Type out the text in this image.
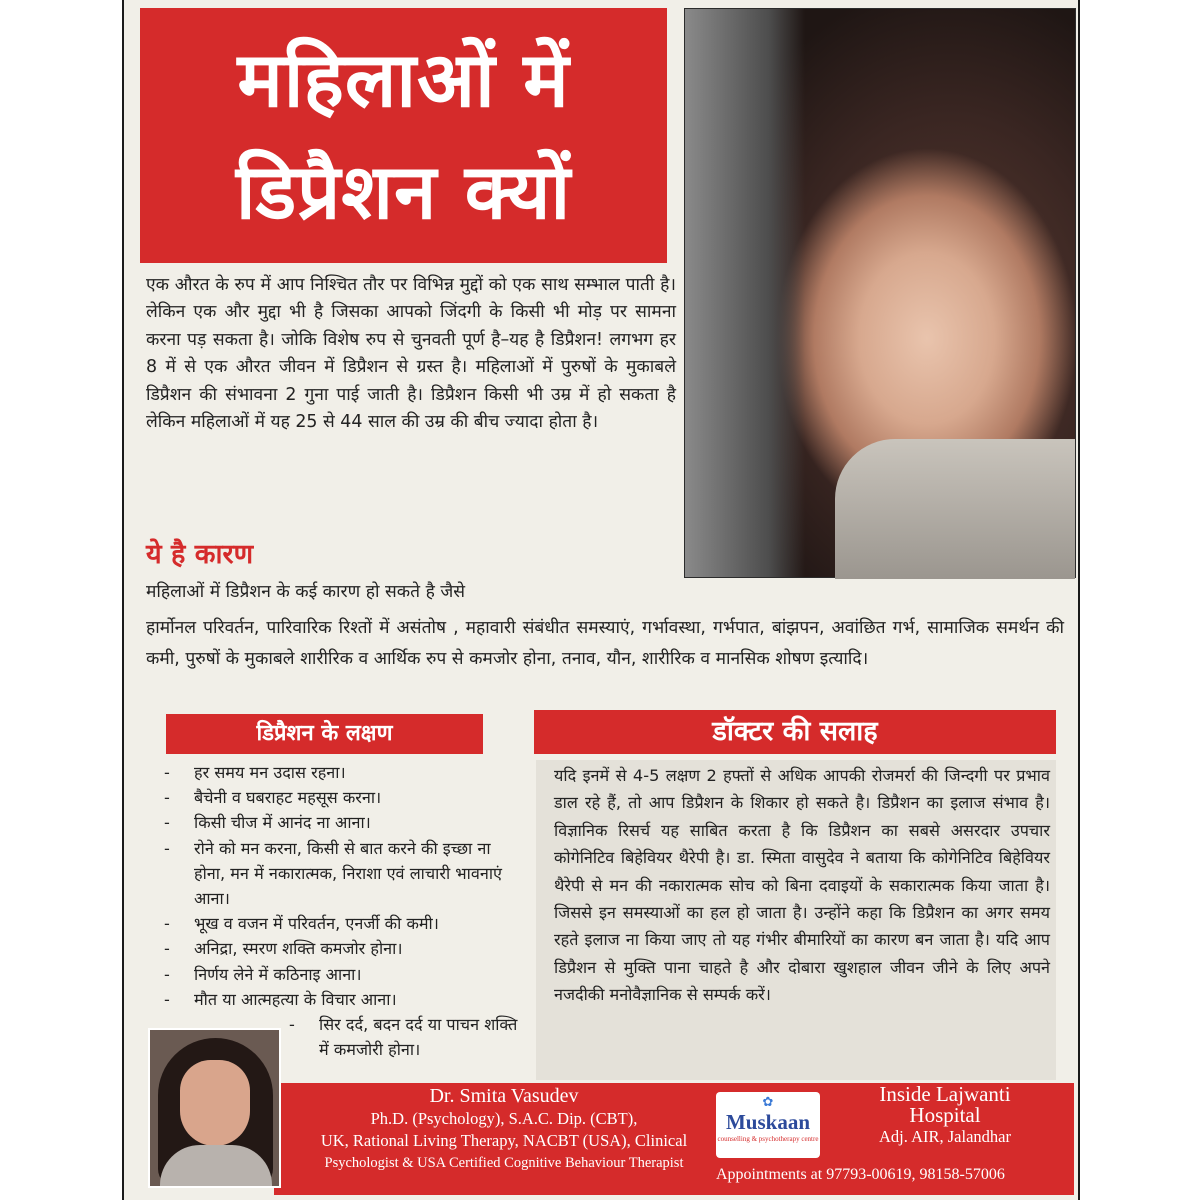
महिलाओं में
डिप्रैशन क्यों
एक औरत के रुप में आप निश्चित तौर पर विभिन्न मुद्दों को एक साथ सम्भाल पाती है। लेकिन एक और मुद्दा भी है जिसका आपको जिंदगी के किसी भी मोड़ पर सामना करना पड़ सकता है। जोकि विशेष रुप से चुनवती पूर्ण है–यह है डिप्रैशन! लगभग हर 8 में से एक औरत जीवन में डिप्रैशन से ग्रस्त है। महिलाओं में पुरुषों के मुकाबले डिप्रैशन की संभावना 2 गुना पाई जाती है। डिप्रैशन किसी भी उम्र में हो सकता है लेकिन महिलाओं में यह 25 से 44 साल की उम्र की बीच ज्यादा होता है।
ये है कारण
महिलाओं में डिप्रैशन के कई कारण हो सकते है जैसे
हार्मोनल परिवर्तन, पारिवारिक रिश्तों में असंतोष , महावारी संबंधीत समस्याएं, गर्भावस्था, गर्भपात, बांझपन, अवांछित गर्भ, सामाजिक समर्थन की कमी, पुरुषों के मुकाबले शारीरिक व आर्थिक रुप से कमजोर होना, तनाव, यौन, शारीरिक व मानसिक शोषण इत्यादि।
डिप्रैशन के लक्षण	डॉक्टर की सलाह
- हर समय मन उदास रहना।
- बैचेनी व घबराहट महसूस करना।
- किसी चीज में आनंद ना आना।
- रोने को मन करना, किसी से बात करने की इच्छा ना होना, मन में नकारात्मक, निराशा एवं लाचारी भावनाएं आना।
- भूख व वजन में परिवर्तन, एनर्जी की कमी।
- अनिद्रा, स्मरण शक्ति कमजोर होना।
- निर्णय लेने में कठिनाइ आना।
- मौत या आत्महत्या के विचार आना।
- सिर दर्द, बदन दर्द या पाचन शक्ति में कमजोरी होना।
यदि इनमें से 4-5 लक्षण 2 हफ्तों से अधिक आपकी रोजमर्रा की जिन्दगी पर प्रभाव डाल रहे हैं, तो आप डिप्रैशन के शिकार हो सकते है। डिप्रैशन का इलाज संभाव है। विज्ञानिक रिसर्च यह साबित करता है कि डिप्रैशन का सबसे असरदार उपचार कोगेनिटिव बिहेवियर थैरेपी है। डा. स्मिता वासुदेव ने बताया कि कोगेनिटिव बिहेवियर थैरेपी से मन की नकारात्मक सोच को बिना दवाइयों के सकारात्मक किया जाता है। जिससे इन समस्याओं का हल हो जाता है। उन्होंने कहा कि डिप्रैशन का अगर समय रहते इलाज ना किया जाए तो यह गंभीर बीमारियों का कारण बन जाता है। यदि आप डिप्रैशन से मुक्ति पाना चाहते है और दोबारा खुशहाल जीवन जीने के लिए अपने नजदीकी मनोवैज्ञानिक से सम्पर्क करें।
Dr. Smita Vasudev
Ph.D. (Psychology), S.A.C. Dip. (CBT),
UK, Rational Living Therapy, NACBT (USA), Clinical
Psychologist & USA Certified Cognitive Behaviour Therapist
✿
Muskaan
counselling & psychotherapy centre
Inside Lajwanti
Hospital
Adj. AIR, Jalandhar
Appointments at 97793-00619, 98158-57006
